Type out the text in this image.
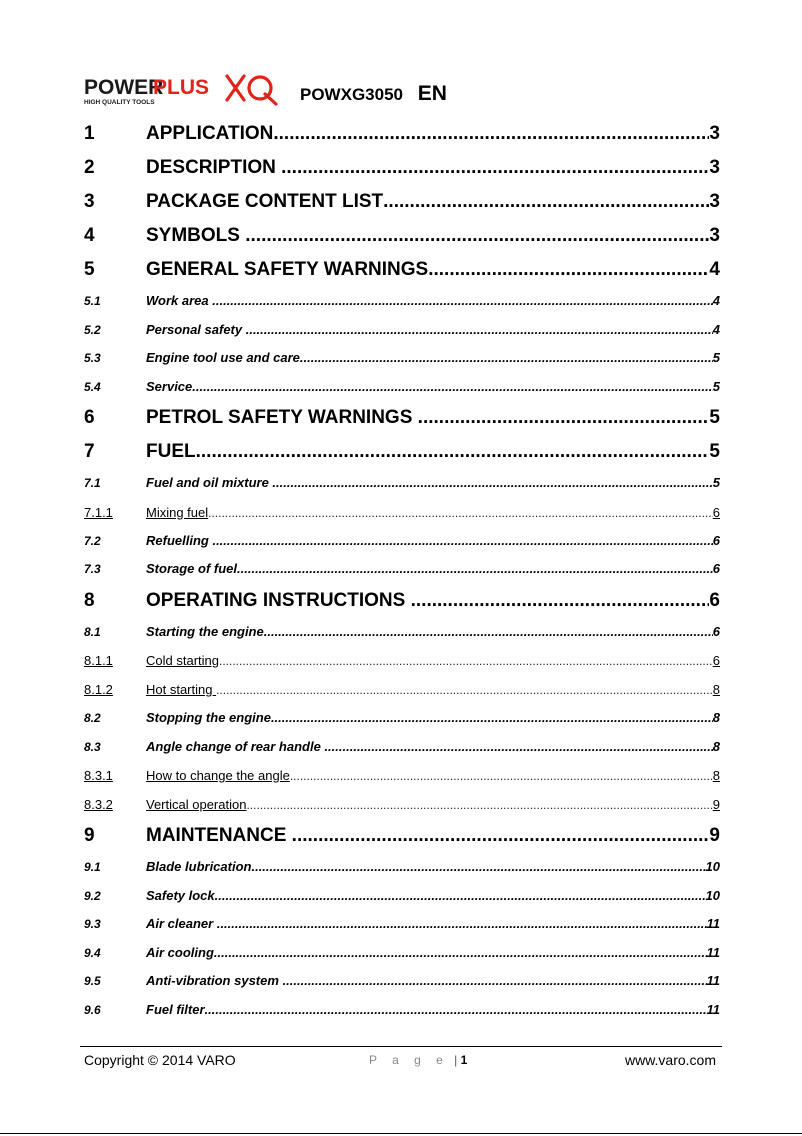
POWER
PLUS
HIGH QUALITY TOOLS	POWXG3050 EN
1	APPLICATION .....	3
2	DESCRIPTION .....	3
3	PACKAGE CONTENT LIST .....	3
4	SYMBOLS .....	3
5	GENERAL SAFETY WARNINGS .....	4
5.1	Work area .....	4
5.2	Personal safety .....	4
5.3	Engine tool use and care .....	5
5.4	Service .....	5
6	PETROL SAFETY WARNINGS .....	5
7	FUEL .....	5
7.1	Fuel and oil mixture .....	5
7.1.1	Mixing fuel .....	6
7.2	Refuelling .....	6
7.3	Storage of fuel .....	6
8	OPERATING INSTRUCTIONS .....	6
8.1	Starting the engine .....	6
8.1.1	Cold starting .....	6
8.1.2	Hot starting .....	8
8.2	Stopping the engine .....	8
8.3	Angle change of rear handle .....	8
8.3.1	How to change the angle .....	8
8.3.2	Vertical operation .....	9
9	MAINTENANCE .....	9
9.1	Blade lubrication .....	10
9.2	Safety lock .....	10
9.3	Air cleaner .....	11
9.4	Air cooling .....	11
9.5	Anti-vibration system .....	11
9.6	Fuel filter .....	11
Copyright © 2014 VARO	P a g e | 1	www.varo.com
